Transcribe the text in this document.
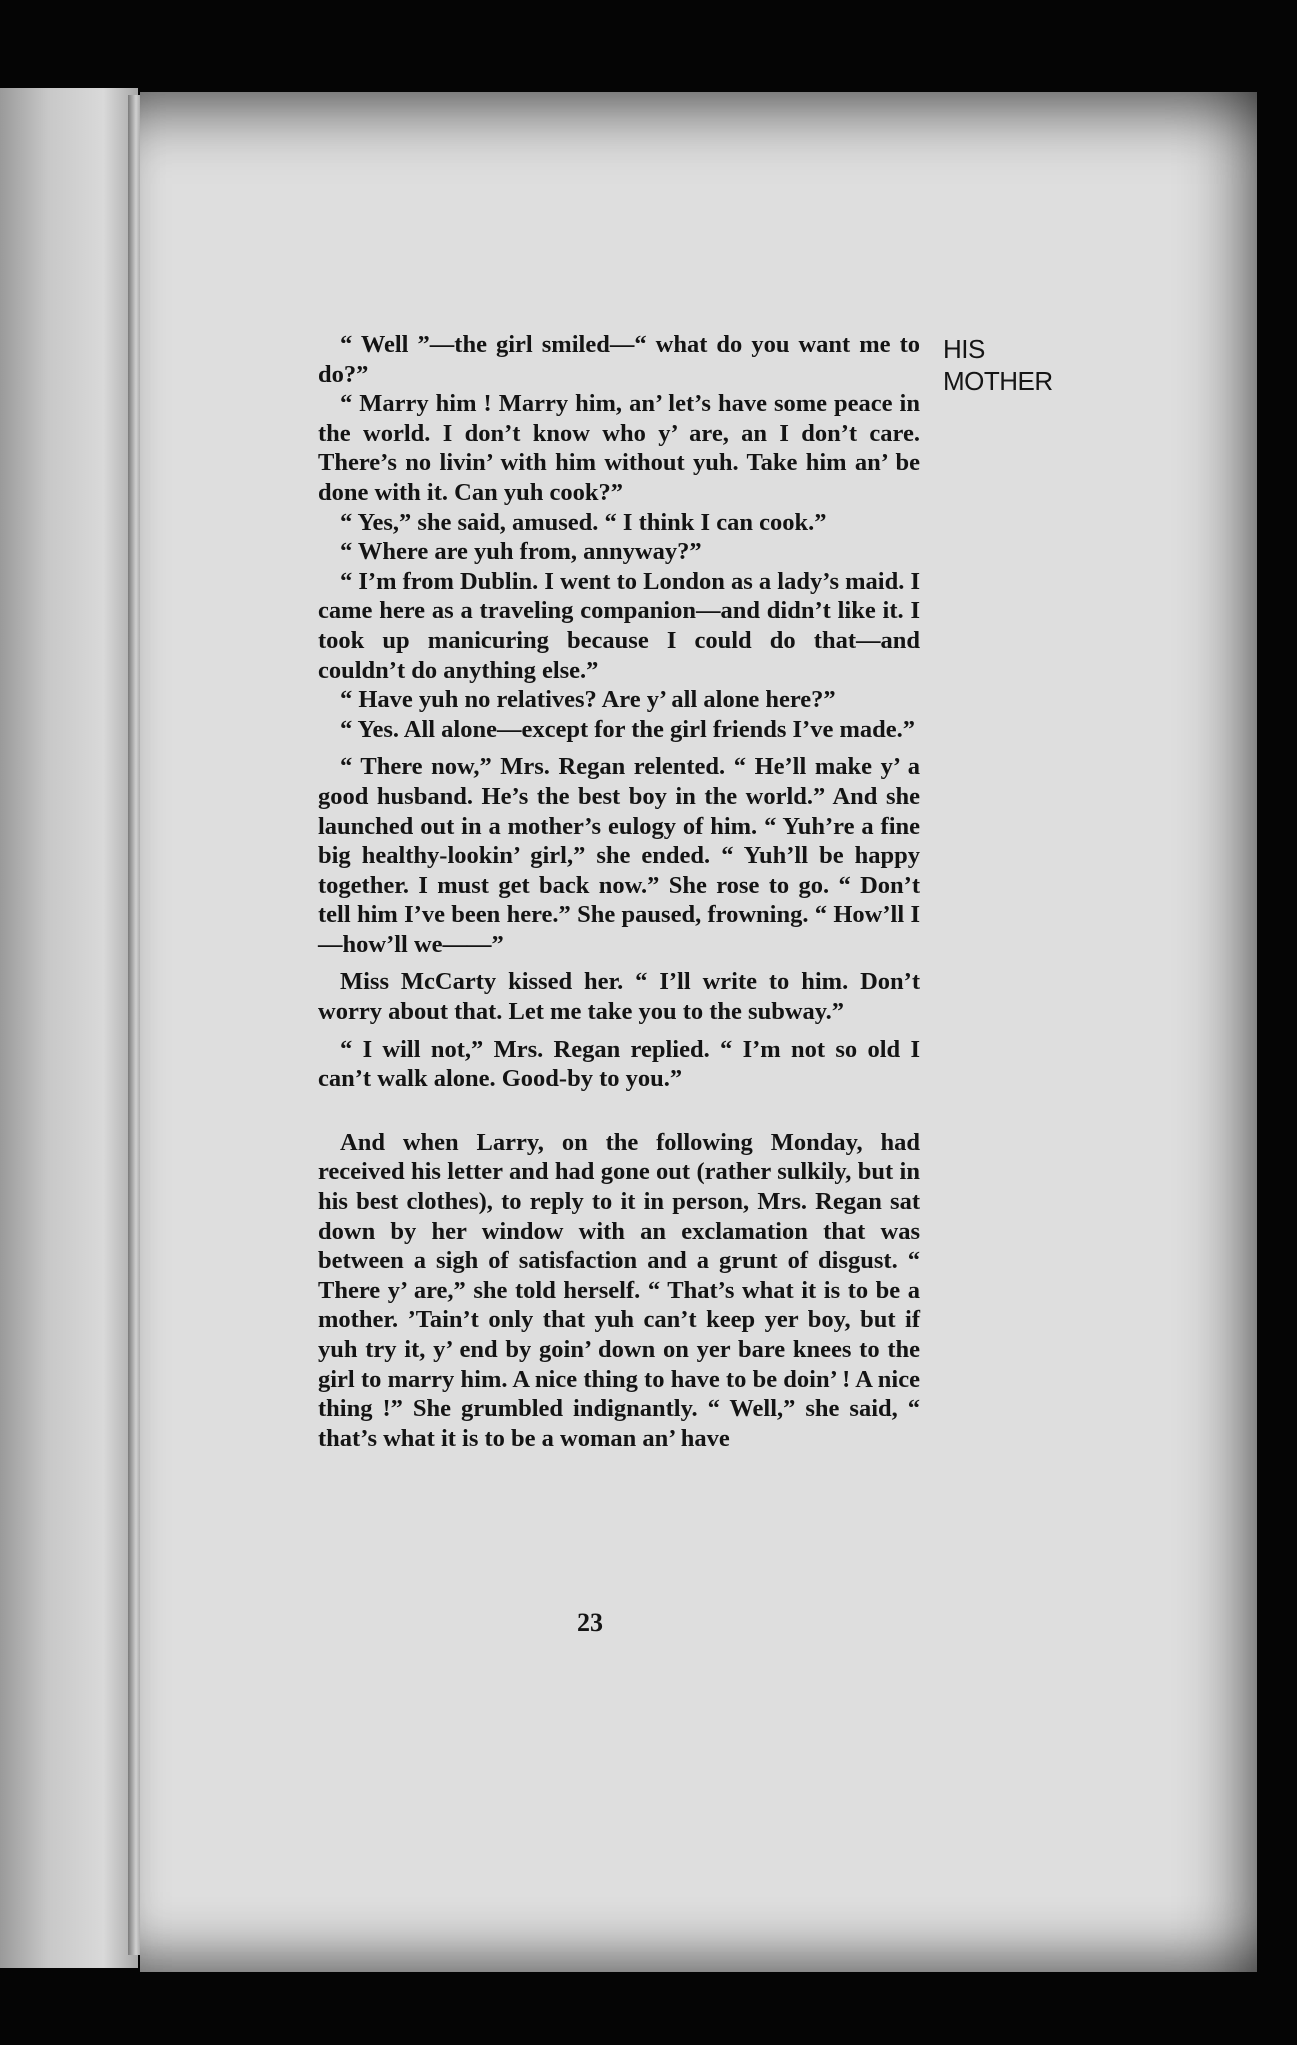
HIS
MOTHER

“ Well ”—the girl smiled—“ what do you want me to do?”

“ Marry him ! Marry him, an’ let’s have some peace in the world. I don’t know who y’ are, an I don’t care. There’s no livin’ with him without yuh. Take him an’ be done with it. Can yuh cook?”

“ Yes,” she said, amused. “ I think I can cook.”

“ Where are yuh from, annyway?”

“ I’m from Dublin. I went to London as a lady’s maid. I came here as a traveling companion—and didn’t like it. I took up manicuring because I could do that—and couldn’t do anything else.”

“ Have yuh no relatives? Are y’ all alone here?”

“ Yes. All alone—except for the girl friends I’ve made.”

“ There now,” Mrs. Regan relented. “ He’ll make y’ a good husband. He’s the best boy in the world.” And she launched out in a mother’s eulogy of him. “ Yuh’re a fine big healthy-lookin’ girl,” she ended. “ Yuh’ll be happy together. I must get back now.” She rose to go. “ Don’t tell him I’ve been here.” She paused, frowning. “ How’ll I—how’ll we——”

Miss McCarty kissed her. “ I’ll write to him. Don’t worry about that. Let me take you to the subway.”

“ I will not,” Mrs. Regan replied. “ I’m not so old I can’t walk alone. Good-by to you.”

And when Larry, on the following Monday, had received his letter and had gone out (rather sulkily, but in his best clothes), to reply to it in person, Mrs. Regan sat down by her window with an exclamation that was between a sigh of satisfaction and a grunt of disgust. “ There y’ are,” she told herself. “ That’s what it is to be a mother. ’Tain’t only that yuh can’t keep yer boy, but if yuh try it, y’ end by goin’ down on yer bare knees to the girl to marry him. A nice thing to have to be doin’ ! A nice thing !” She grumbled indignantly. “ Well,” she said, “ that’s what it is to be a woman an’ have

23
